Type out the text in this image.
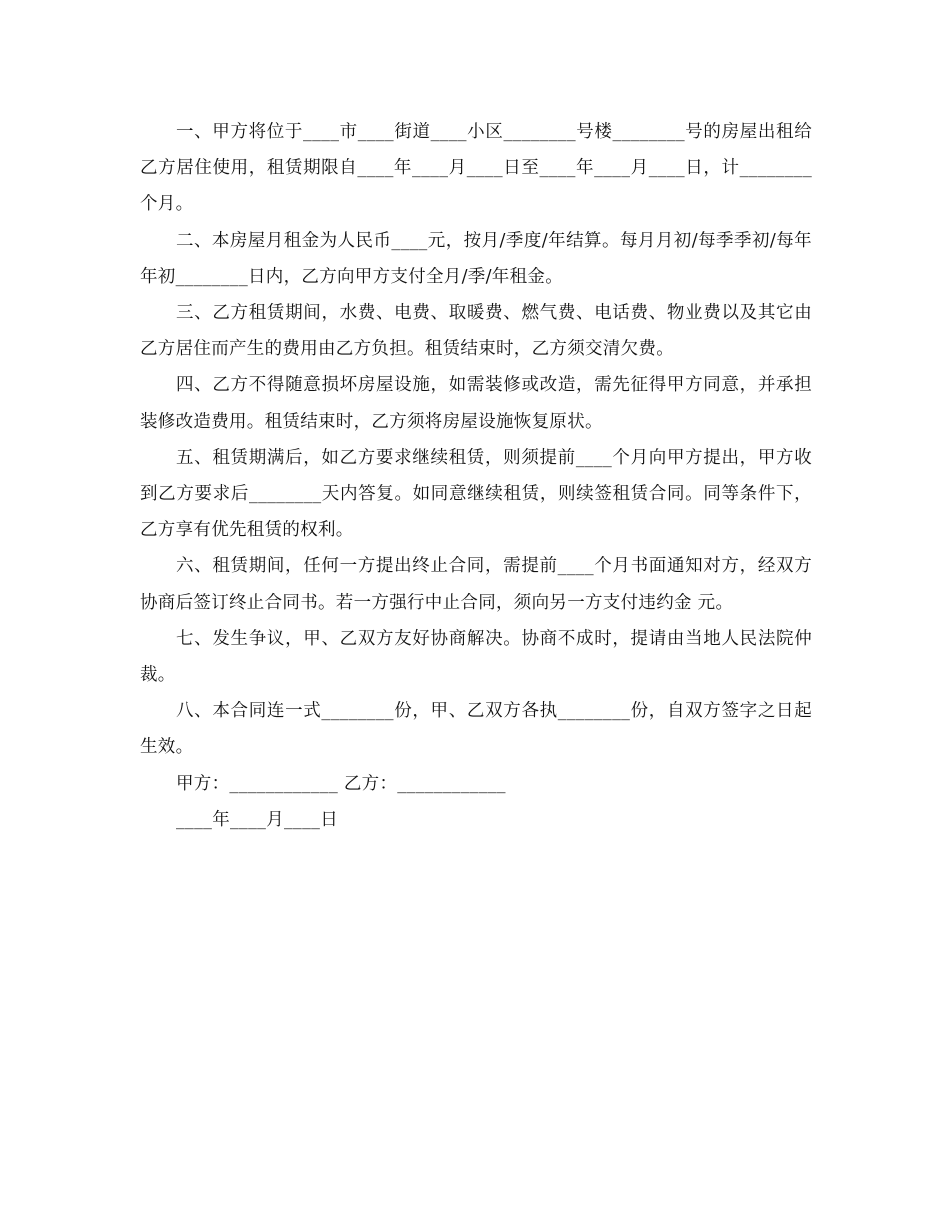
一、甲方将位于____市____街道____小区________号楼________号的房屋出租给乙方居住使用，租赁期限自____年____月____日至____年____月____日，计________个月。

二、本房屋月租金为人民币____元，按月/季度/年结算。每月月初/每季季初/每年年初________日内，乙方向甲方支付全月/季/年租金。

三、乙方租赁期间，水费、电费、取暖费、燃气费、电话费、物业费以及其它由乙方居住而产生的费用由乙方负担。租赁结束时，乙方须交清欠费。

四、乙方不得随意损坏房屋设施，如需装修或改造，需先征得甲方同意，并承担装修改造费用。租赁结束时，乙方须将房屋设施恢复原状。

五、租赁期满后，如乙方要求继续租赁，则须提前____个月向甲方提出，甲方收到乙方要求后________天内答复。如同意继续租赁，则续签租赁合同。同等条件下，乙方享有优先租赁的权利。

六、租赁期间，任何一方提出终止合同，需提前____个月书面通知对方，经双方协商后签订终止合同书。若一方强行中止合同，须向另一方支付违约金 元。

七、发生争议，甲、乙双方友好协商解决。协商不成时，提请由当地人民法院仲裁。

八、本合同连一式________份，甲、乙双方各执________份，自双方签字之日起生效。

甲方：____________ 乙方：____________

____年____月____日
